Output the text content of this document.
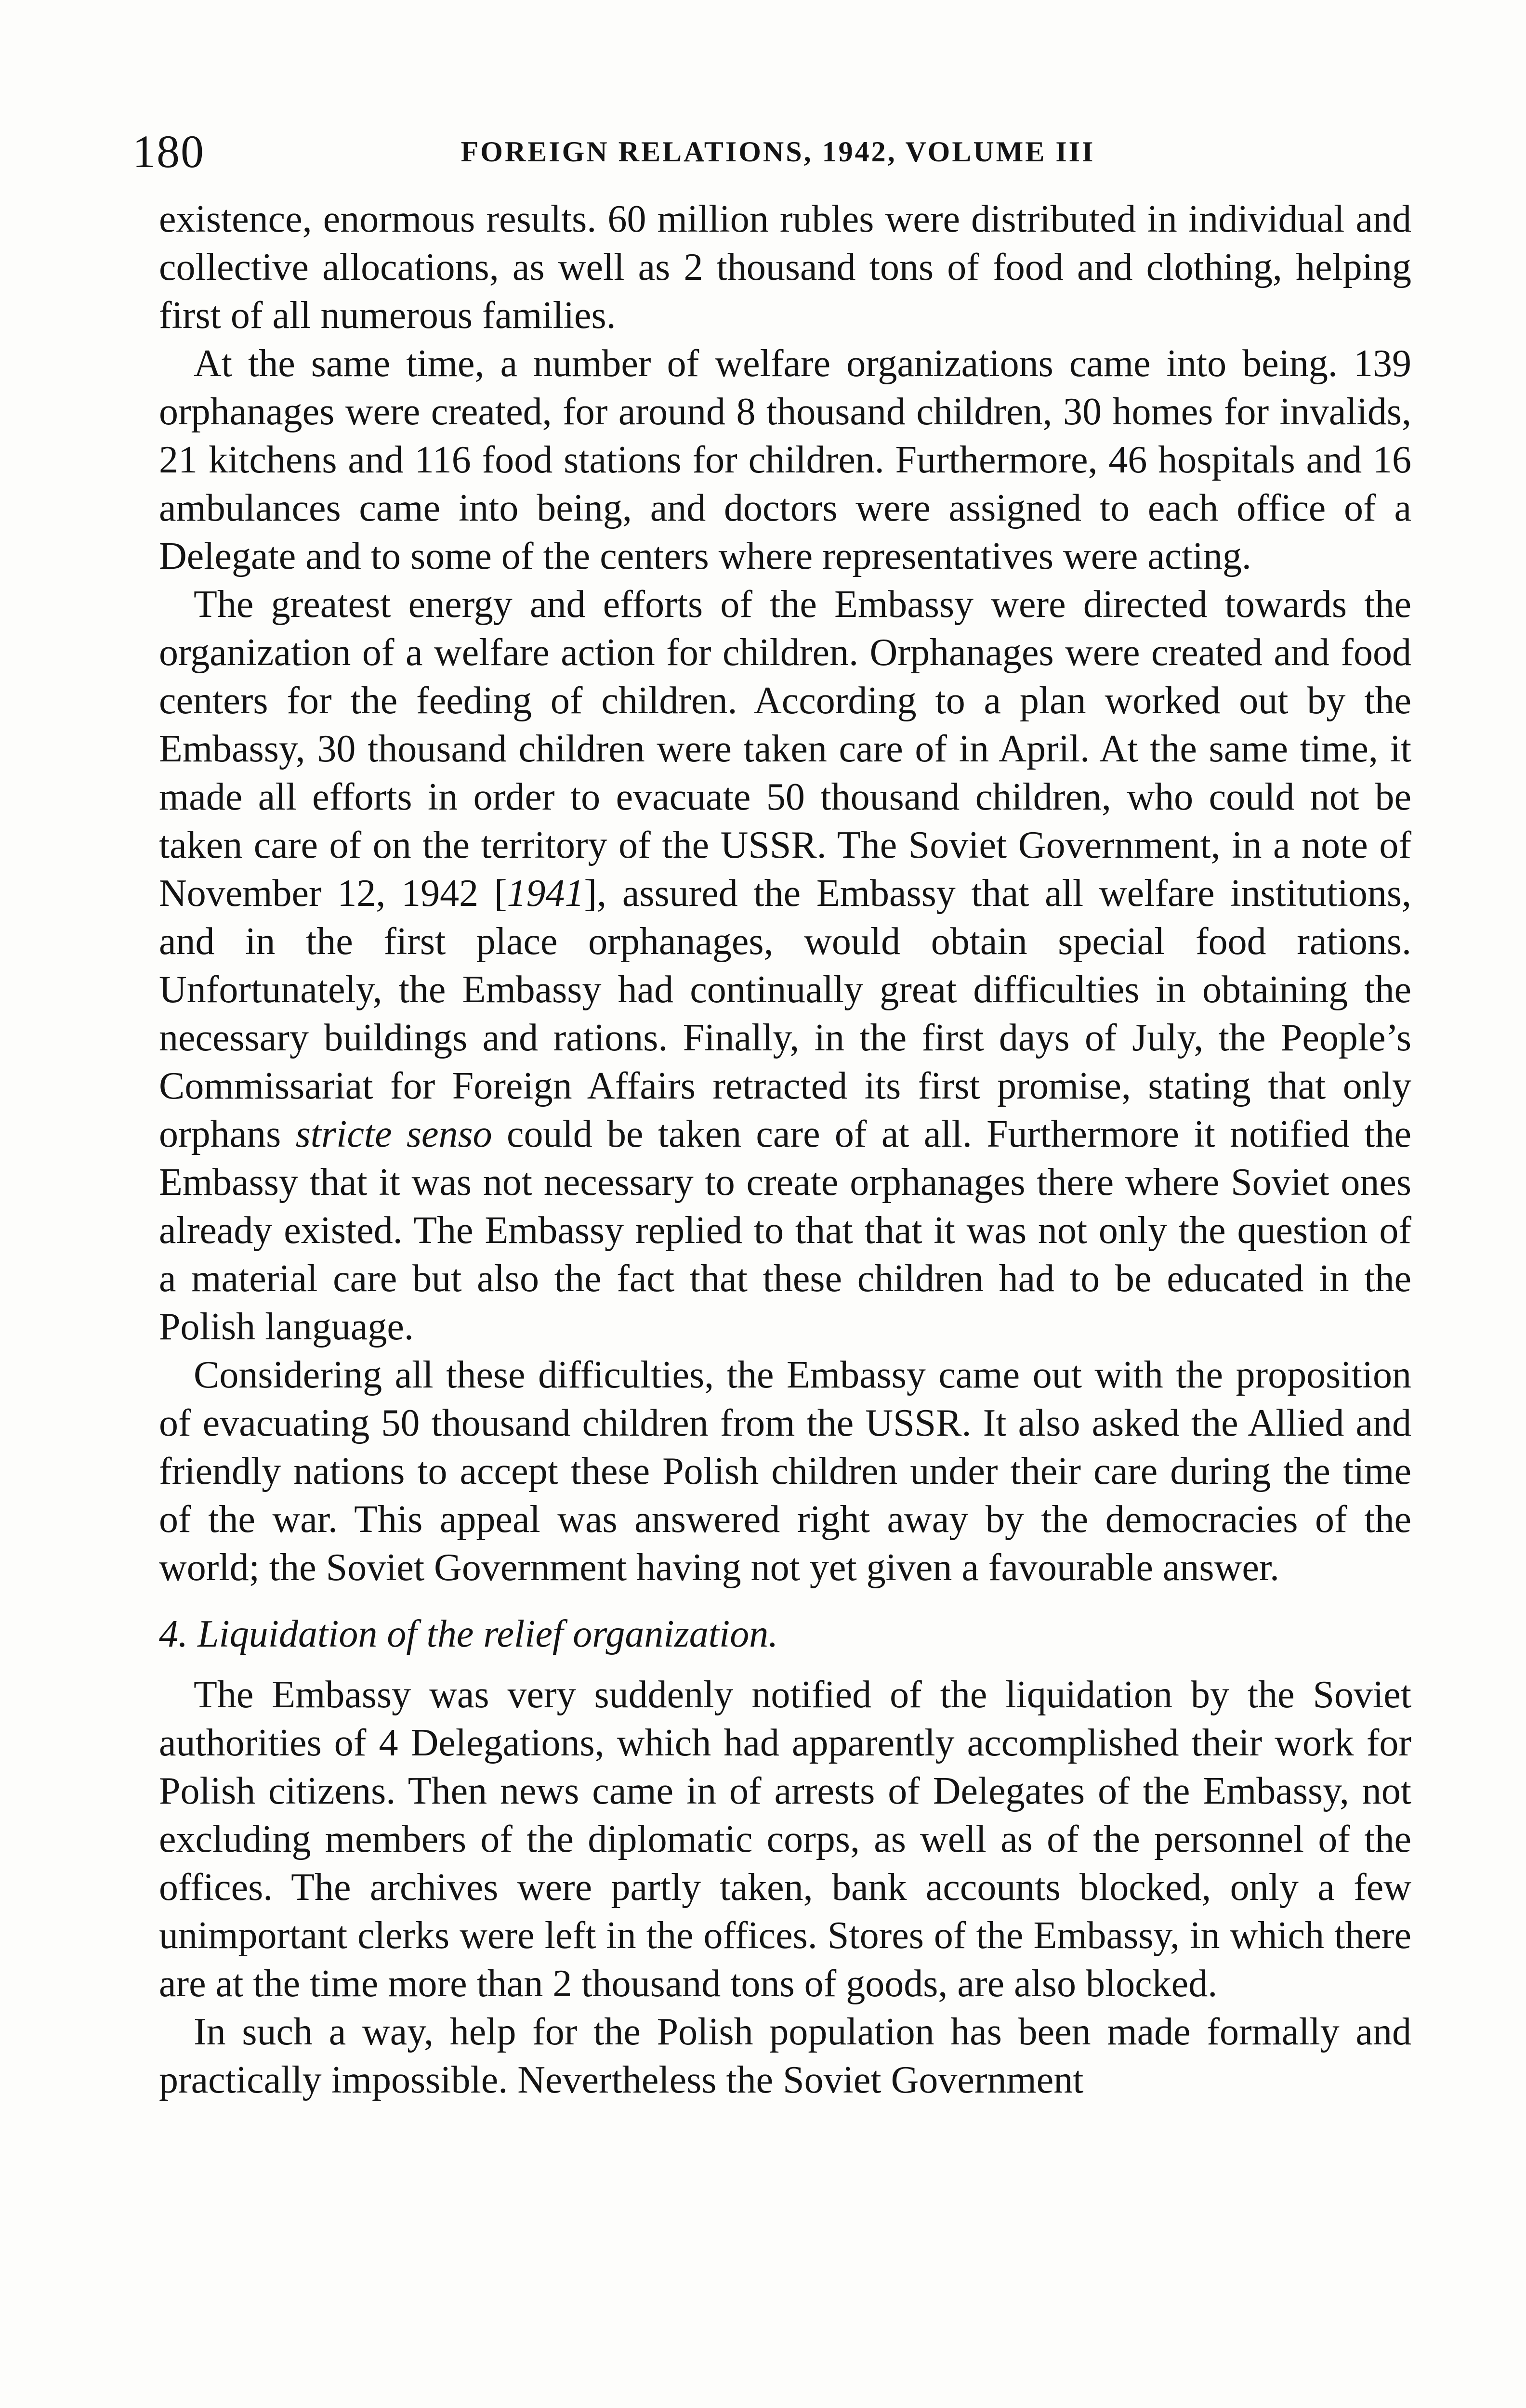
180	FOREIGN RELATIONS, 1942, VOLUME III

existence, enormous results. 60 million rubles were distributed in individual and collective allocations, as well as 2 thousand tons of food and clothing, helping first of all numerous families.

At the same time, a number of welfare organizations came into being. 139 orphanages were created, for around 8 thousand children, 30 homes for invalids, 21 kitchens and 116 food stations for children. Furthermore, 46 hospitals and 16 ambulances came into being, and doctors were assigned to each office of a Delegate and to some of the centers where representatives were acting.

The greatest energy and efforts of the Embassy were directed towards the organization of a welfare action for children. Orphanages were created and food centers for the feeding of children. According to a plan worked out by the Embassy, 30 thousand children were taken care of in April. At the same time, it made all efforts in order to evacuate 50 thousand children, who could not be taken care of on the territory of the USSR. The Soviet Government, in a note of November 12, 1942 [1941], assured the Embassy that all welfare institutions, and in the first place orphanages, would obtain special food rations. Unfortunately, the Embassy had continually great difficulties in obtaining the necessary buildings and rations. Finally, in the first days of July, the People’s Commissariat for Foreign Affairs retracted its first promise, stating that only orphans stricte senso could be taken care of at all. Furthermore it notified the Embassy that it was not necessary to create orphanages there where Soviet ones already existed. The Embassy replied to that that it was not only the question of a material care but also the fact that these children had to be educated in the Polish language.

Considering all these difficulties, the Embassy came out with the proposition of evacuating 50 thousand children from the USSR. It also asked the Allied and friendly nations to accept these Polish children under their care during the time of the war. This appeal was answered right away by the democracies of the world; the Soviet Government having not yet given a favourable answer.

4. Liquidation of the relief organization.

The Embassy was very suddenly notified of the liquidation by the Soviet authorities of 4 Delegations, which had apparently accomplished their work for Polish citizens. Then news came in of arrests of Delegates of the Embassy, not excluding members of the diplomatic corps, as well as of the personnel of the offices. The archives were partly taken, bank accounts blocked, only a few unimportant clerks were left in the offices. Stores of the Embassy, in which there are at the time more than 2 thousand tons of goods, are also blocked.

In such a way, help for the Polish population has been made formally and practically impossible. Nevertheless the Soviet Government
